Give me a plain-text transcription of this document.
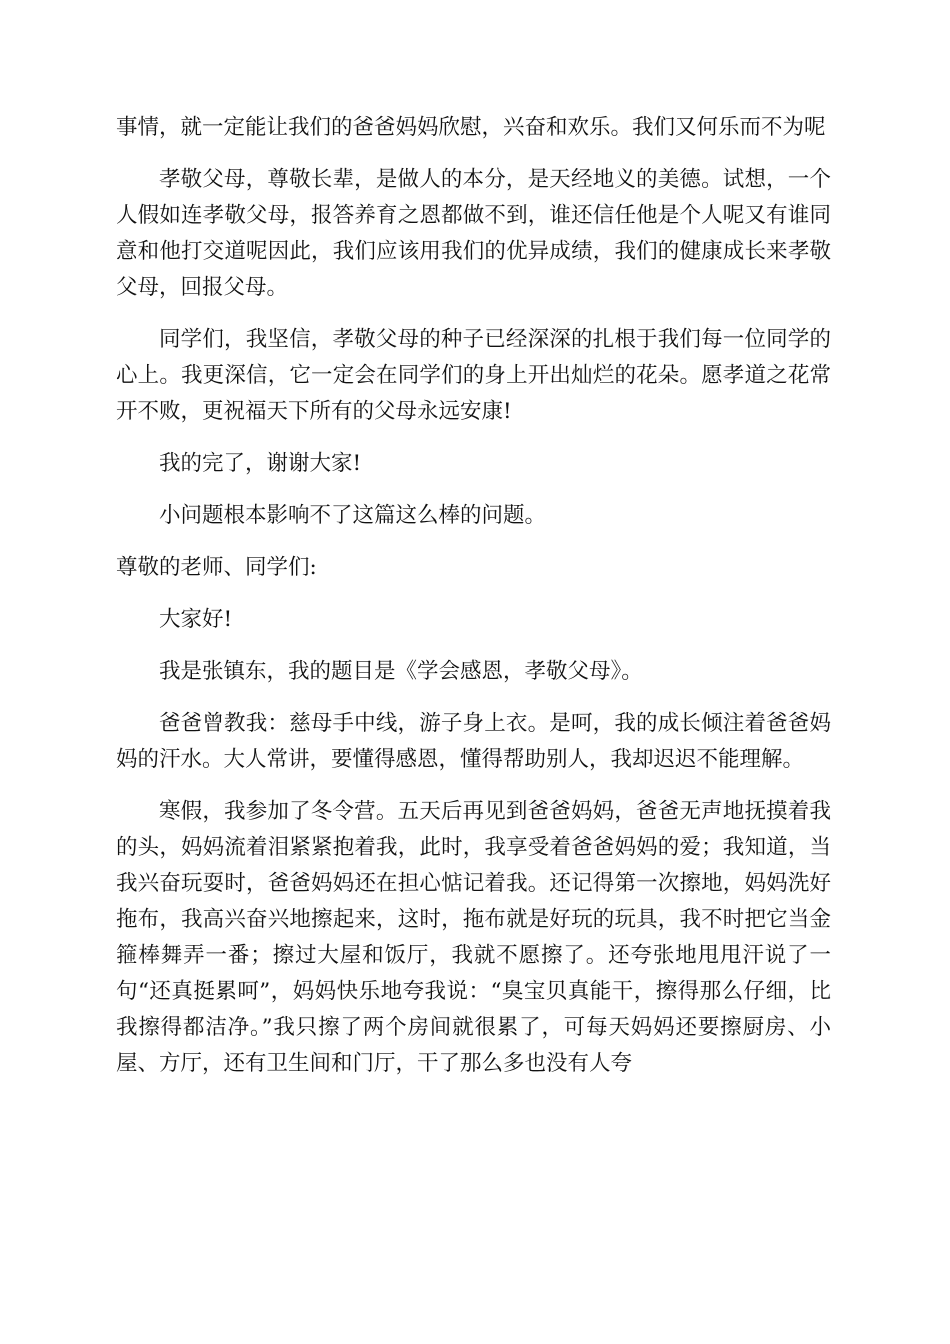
事情，就一定能让我们的爸爸妈妈欣慰，兴奋和欢乐。我们又何乐而不为呢

孝敬父母，尊敬长辈，是做人的本分，是天经地义的美德。试想，一个人假如连孝敬父母，报答养育之恩都做不到，谁还信任他是个人呢又有谁同意和他打交道呢因此，我们应该用我们的优异成绩，我们的健康成长来孝敬父母，回报父母。

同学们，我坚信，孝敬父母的种子已经深深的扎根于我们每一位同学的心上。我更深信，它一定会在同学们的身上开出灿烂的花朵。愿孝道之花常开不败，更祝福天下所有的父母永远安康!

我的完了，谢谢大家!

小问题根本影响不了这篇这么棒的问题。

尊敬的老师、同学们:

大家好!

我是张镇东，我的题目是《学会感恩，孝敬父母》。

爸爸曾教我：慈母手中线，游子身上衣。是呵，我的成长倾注着爸爸妈妈的汗水。大人常讲，要懂得感恩，懂得帮助别人，我却迟迟不能理解。

寒假，我参加了冬令营。五天后再见到爸爸妈妈，爸爸无声地抚摸着我的头，妈妈流着泪紧紧抱着我，此时，我享受着爸爸妈妈的爱；我知道，当我兴奋玩耍时，爸爸妈妈还在担心惦记着我。还记得第一次擦地，妈妈洗好拖布，我高兴奋兴地擦起来，这时，拖布就是好玩的玩具，我不时把它当金箍棒舞弄一番；擦过大屋和饭厅，我就不愿擦了。还夸张地甩甩汗说了一句“还真挺累呵”，妈妈快乐地夸我说：“臭宝贝真能干，擦得那么仔细，比我擦得都洁净。”我只擦了两个房间就很累了，可每天妈妈还要擦厨房、小屋、方厅，还有卫生间和门厅，干了那么多也没有人夸
